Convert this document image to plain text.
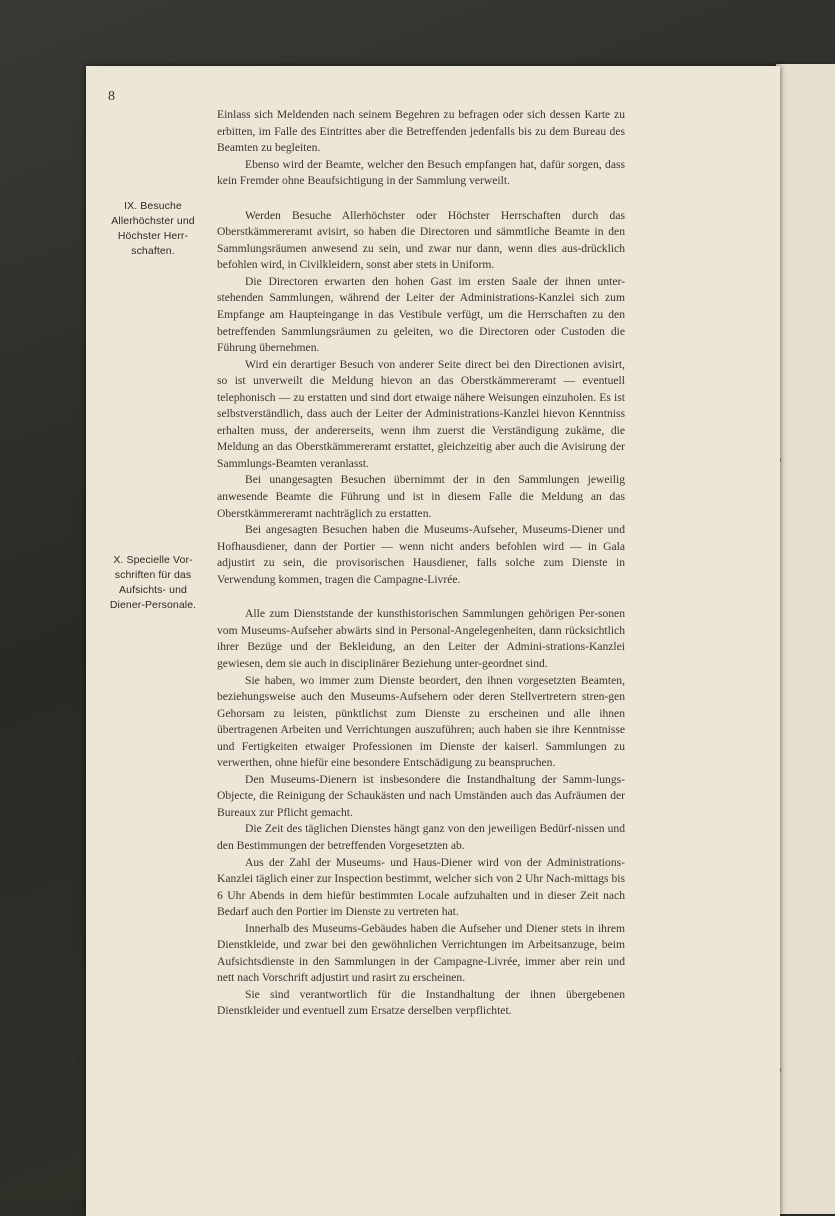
8
IX. Besuche Allerhöchster und Höchster Herr-schaften.
X. Specielle Vor-schriften für das Aufsichts- und Diener-Personale.

Einlass sich Meldenden nach seinem Begehren zu befragen oder sich dessen Karte zu erbitten, im Falle des Eintrittes aber die Betreffenden jedenfalls bis zu dem Bureau des Beamten zu begleiten.

Ebenso wird der Beamte, welcher den Besuch empfangen hat, dafür sorgen, dass kein Fremder ohne Beaufsichtigung in der Sammlung verweilt.

Werden Besuche Allerhöchster oder Höchster Herrschaften durch das Oberstkämmereramt avisirt, so haben die Directoren und sämmtliche Beamte in den Sammlungsräumen anwesend zu sein, und zwar nur dann, wenn dies aus-drücklich befohlen wird, in Civilkleidern, sonst aber stets in Uniform.

Die Directoren erwarten den hohen Gast im ersten Saale der ihnen unter-stehenden Sammlungen, während der Leiter der Administrations-Kanzlei sich zum Empfange am Haupteingange in das Vestibule verfügt, um die Herrschaften zu den betreffenden Sammlungsräumen zu geleiten, wo die Directoren oder Custoden die Führung übernehmen.

Wird ein derartiger Besuch von anderer Seite direct bei den Directionen avisirt, so ist unverweilt die Meldung hievon an das Oberstkämmereramt — eventuell telephonisch — zu erstatten und sind dort etwaige nähere Weisungen einzuholen. Es ist selbstverständlich, dass auch der Leiter der Administrations-Kanzlei hievon Kenntniss erhalten muss, der andererseits, wenn ihm zuerst die Verständigung zukäme, die Meldung an das Oberstkämmereramt erstattet, gleichzeitig aber auch die Avisirung der Sammlungs-Beamten veranlasst.

Bei unangesagten Besuchen übernimmt der in den Sammlungen jeweilig anwesende Beamte die Führung und ist in diesem Falle die Meldung an das Oberstkämmereramt nachträglich zu erstatten.

Bei angesagten Besuchen haben die Museums-Aufseher, Museums-Diener und Hofhausdiener, dann der Portier — wenn nicht anders befohlen wird — in Gala adjustirt zu sein, die provisorischen Hausdiener, falls solche zum Dienste in Verwendung kommen, tragen die Campagne-Livrée.

Alle zum Dienststande der kunsthistorischen Sammlungen gehörigen Per-sonen vom Museums-Aufseher abwärts sind in Personal-Angelegenheiten, dann rücksichtlich ihrer Bezüge und der Bekleidung, an den Leiter der Admini-strations-Kanzlei gewiesen, dem sie auch in disciplinärer Beziehung unter-geordnet sind.

Sie haben, wo immer zum Dienste beordert, den ihnen vorgesetzten Beamten, beziehungsweise auch den Museums-Aufsehern oder deren Stellvertretern stren-gen Gehorsam zu leisten, pünktlichst zum Dienste zu erscheinen und alle ihnen übertragenen Arbeiten und Verrichtungen auszuführen; auch haben sie ihre Kenntnisse und Fertigkeiten etwaiger Professionen im Dienste der kaiserl. Sammlungen zu verwerthen, ohne hiefür eine besondere Entschädigung zu beanspruchen.

Den Museums-Dienern ist insbesondere die Instandhaltung der Samm-lungs-Objecte, die Reinigung der Schaukästen und nach Umständen auch das Aufräumen der Bureaux zur Pflicht gemacht.

Die Zeit des täglichen Dienstes hängt ganz von den jeweiligen Bedürf-nissen und den Bestimmungen der betreffenden Vorgesetzten ab.

Aus der Zahl der Museums- und Haus-Diener wird von der Administrations-Kanzlei täglich einer zur Inspection bestimmt, welcher sich von 2 Uhr Nach-mittags bis 6 Uhr Abends in dem hiefür bestimmten Locale aufzuhalten und in dieser Zeit nach Bedarf auch den Portier im Dienste zu vertreten hat.

Innerhalb des Museums-Gebäudes haben die Aufseher und Diener stets in ihrem Dienstkleide, und zwar bei den gewöhnlichen Verrichtungen im Arbeitsanzuge, beim Aufsichtsdienste in den Sammlungen in der Campagne-Livrée, immer aber rein und nett nach Vorschrift adjustirt und rasirt zu erscheinen.

Sie sind verantwortlich für die Instandhaltung der ihnen übergebenen Dienstkleider und eventuell zum Ersatze derselben verpflichtet.
